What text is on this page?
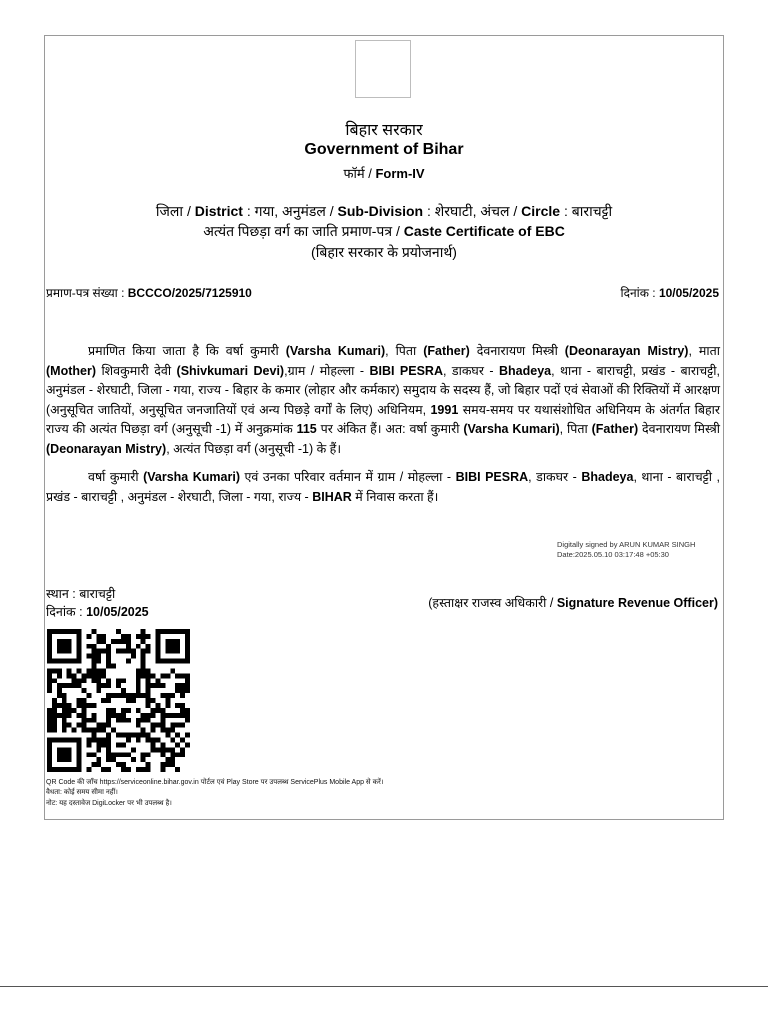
बिहार सरकार
Government of Bihar
फॉर्म / Form-IV
जिला / District : गया, अनुमंडल / Sub-Division : शेरघाटी, अंचल / Circle : बाराचट्टी
अत्यंत पिछड़ा वर्ग का जाति प्रमाण-पत्र / Caste Certificate of EBC
(बिहार सरकार के प्रयोजनार्थ)
प्रमाण-पत्र संख्या : BCCCO/2025/7125910	दिनांक : 10/05/2025

प्रमाणित किया जाता है कि वर्षा कुमारी (Varsha Kumari), पिता (Father) देवनारायण मिस्त्री (Deonarayan Mistry), माता (Mother) शिवकुमारी देवी (Shivkumari Devi),ग्राम / मोहल्ला - BIBI PESRA, डाकघर - Bhadeya, थाना - बाराचट्टी, प्रखंड - बाराचट्टी, अनुमंडल - शेरघाटी, जिला - गया, राज्य - बिहार के कमार (लोहार और कर्मकार) समुदाय के सदस्य हैं, जो बिहार पदों एवं सेवाओं की रिक्तियों में आरक्षण (अनुसूचित जातियों, अनुसूचित जनजातियों एवं अन्य पिछड़े वर्गों के लिए) अधिनियम, 1991 समय-समय पर यथासंशोधित अधिनियम के अंतर्गत बिहार राज्य की अत्यंत पिछड़ा वर्ग (अनुसूची -1) में अनुक्रमांक 115 पर अंकित हैं। अत: वर्षा कुमारी (Varsha Kumari), पिता (Father) देवनारायण मिस्त्री (Deonarayan Mistry), अत्यंत पिछड़ा वर्ग (अनुसूची -1) के हैं।

वर्षा कुमारी (Varsha Kumari) एवं उनका परिवार वर्तमान में ग्राम / मोहल्ला - BIBI PESRA, डाकघर - Bhadeya, थाना - बाराचट्टी , प्रखंड - बाराचट्टी , अनुमंडल - शेरघाटी, जिला - गया, राज्य - BIHAR में निवास करता हैं।

Digitally signed by ARUN KUMAR SINGH
Date:2025.05.10 03:17:48 +05:30
स्थान : बाराचट्टी
दिनांक : 10/05/2025
(हस्ताक्षर राजस्व अधिकारी / Signature Revenue Officer)
QR Code की जाँच https://serviceonline.bihar.gov.in पोर्टल एवं Play Store पर उपलब्ध ServicePlus Mobile App से करें।
वैधता: कोई समय सीमा नहीं।
नोट: यह दस्तावेज DigiLocker पर भी उपलब्ध है।
